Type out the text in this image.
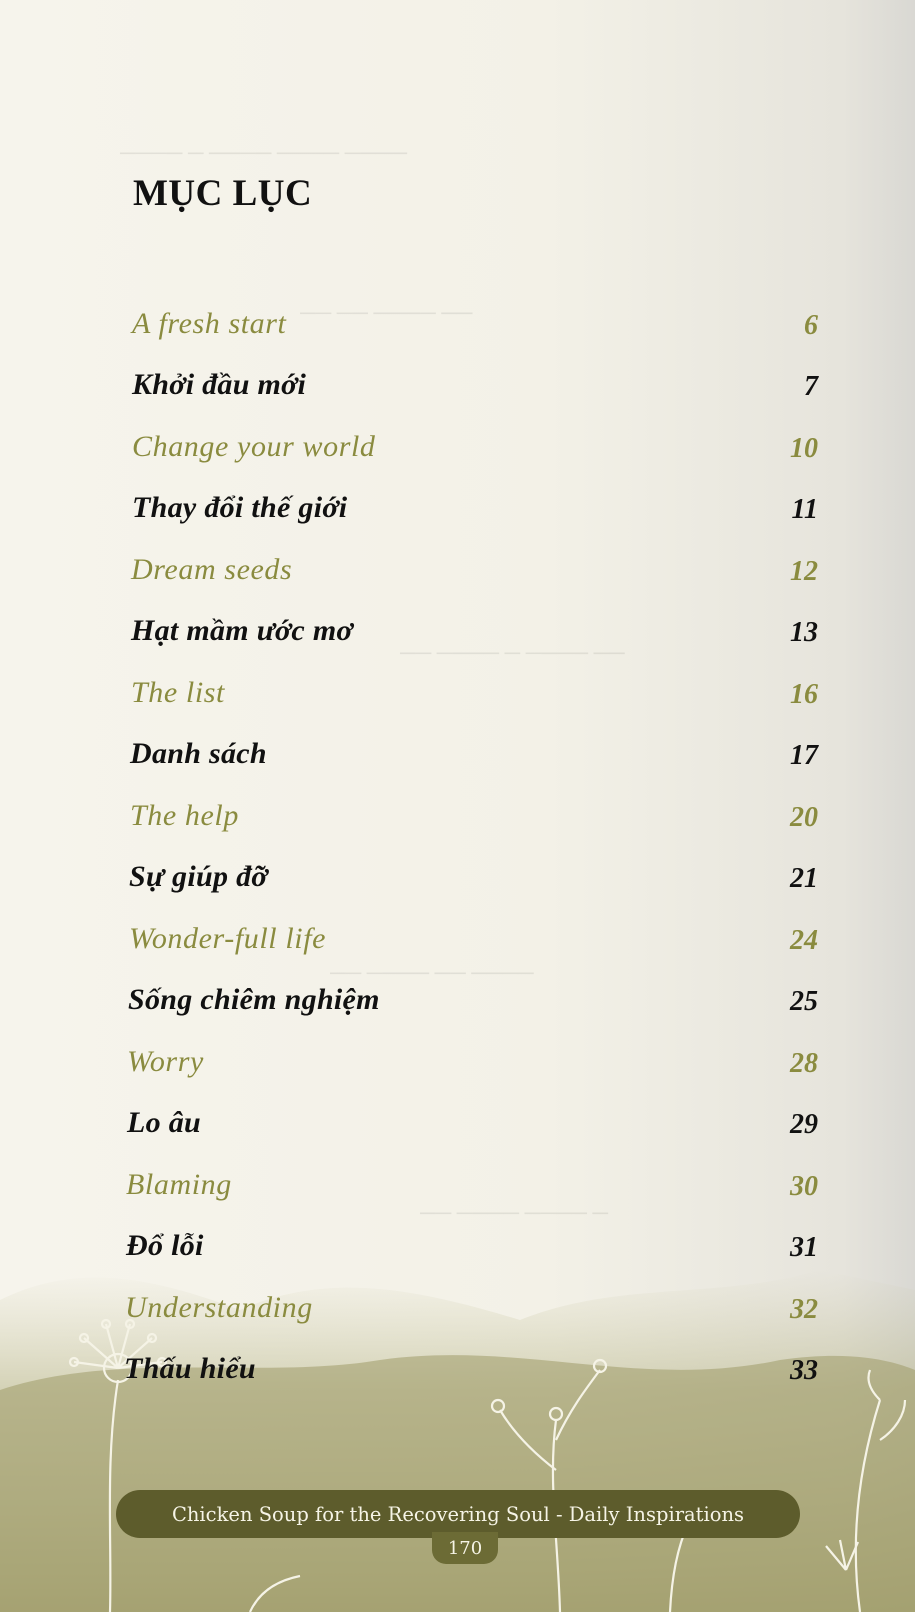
──── ─ ──── ──── ────
── ── ──── ──
── ──── ─ ──── ──
── ──── ── ────
── ──── ──── ─
MỤC LỤC
A fresh start	6
Khởi đầu mới	7
Change your world	10
Thay đổi thế giới	11
Dream seeds	12
Hạt mầm ước mơ	13
The list	16
Danh sách	17
The help	20
Sự giúp đỡ	21
Wonder-full life	24
Sống chiêm nghiệm	25
Worry	28
Lo âu	29
Blaming	30
Đổ lỗi	31
Understanding	32
Thấu hiểu	33
Chicken Soup for the Recovering Soul - Daily Inspirations
170
